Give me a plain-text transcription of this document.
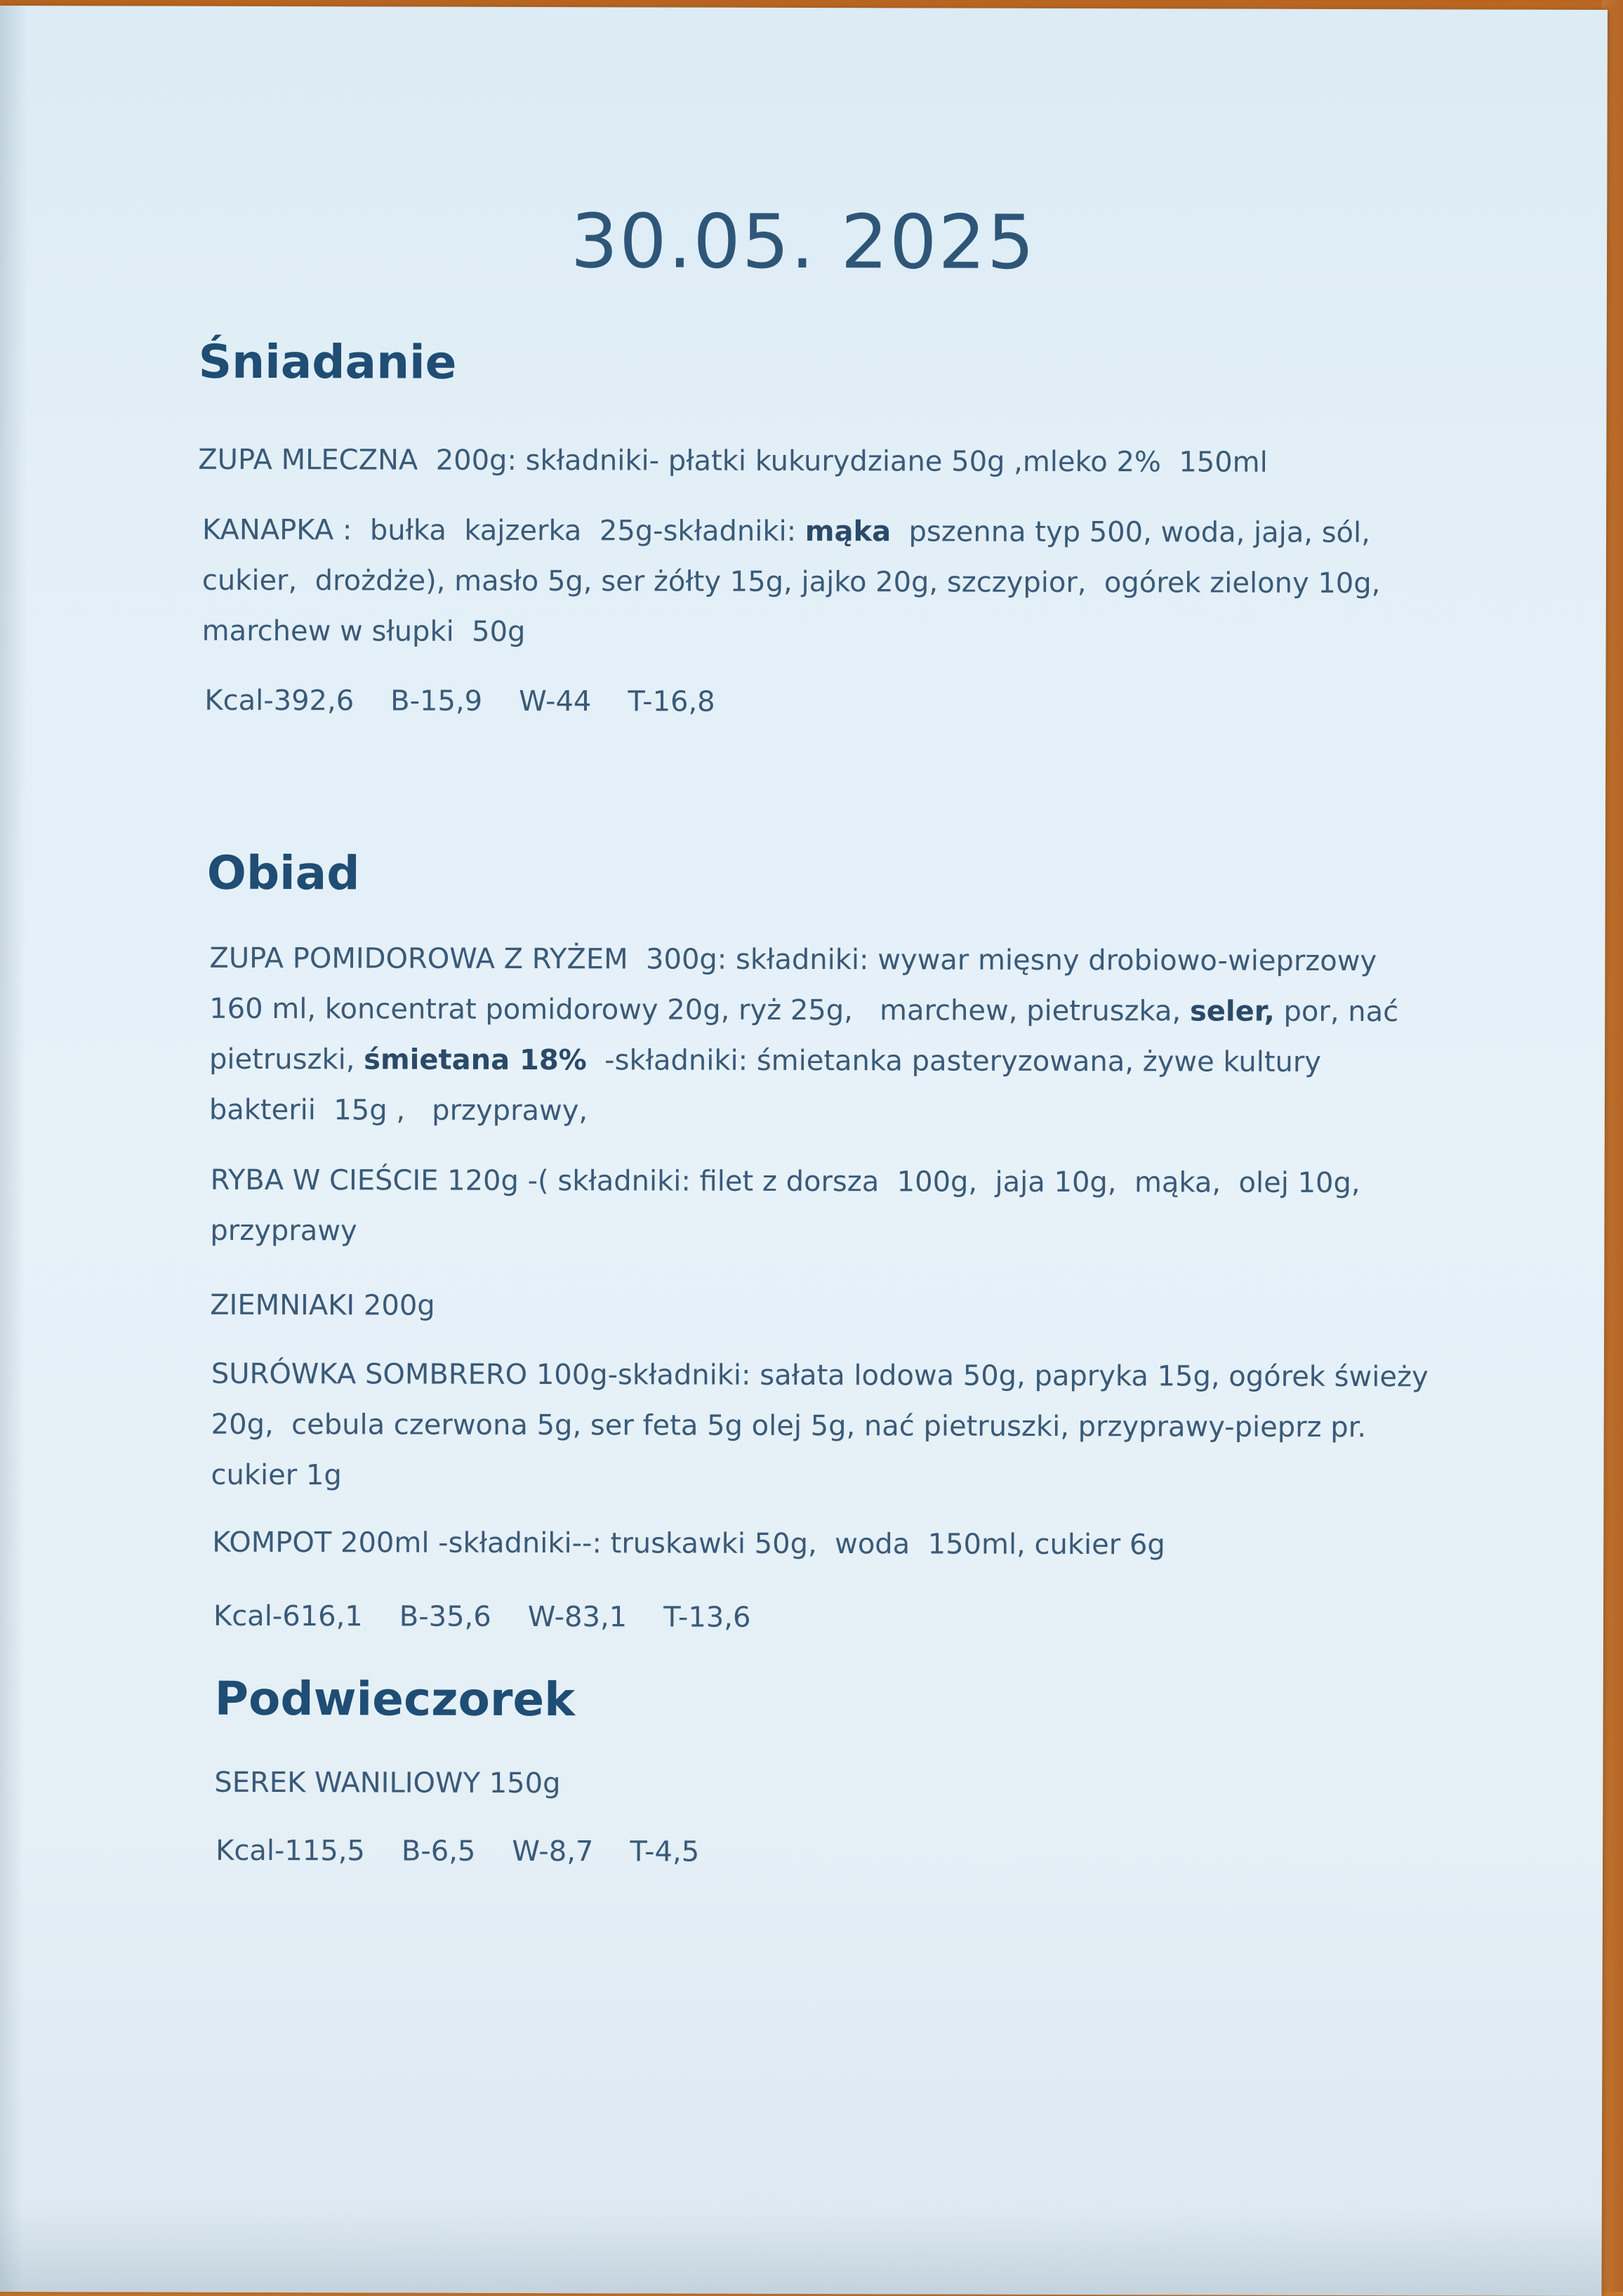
30.05. 2025
Śniadanie
ZUPA MLECZNA  200g: składniki- płatki kukurydziane 50g ,mleko 2%  150ml
KANAPKA :  bułka  kajzerka  25g-składniki: mąka  pszenna typ 500, woda, jaja, sól, cukier,  drożdże), masło 5g, ser żółty 15g, jajko 20g, szczypior,  ogórek zielony 10g,     marchew w słupki  50g
Kcal-392,6 B-15,9 W-44 T-16,8
Obiad
ZUPA POMIDOROWA Z RYŻEM  300g: składniki: wywar mięsny drobiowo-wieprzowy 160 ml, koncentrat pomidorowy 20g, ryż 25g,   marchew, pietruszka, seler, por, nać pietruszki, śmietana 18%  -składniki: śmietanka pasteryzowana, żywe kultury bakterii  15g ,   przyprawy,
RYBA W CIEŚCIE 120g -( składniki: filet z dorsza  100g,  jaja 10g,  mąka,  olej 10g, przyprawy
ZIEMNIAKI 200g
SURÓWKA SOMBRERO 100g-składniki: sałata lodowa 50g, papryka 15g, ogórek świeży 20g,  cebula czerwona 5g, ser feta 5g olej 5g, nać pietruszki, przyprawy-pieprz pr. cukier 1g
KOMPOT 200ml -składniki--: truskawki 50g,  woda  150ml, cukier 6g
Kcal-616,1 B-35,6 W-83,1 T-13,6
Podwieczorek
SEREK WANILIOWY 150g
Kcal-115,5 B-6,5 W-8,7 T-4,5
